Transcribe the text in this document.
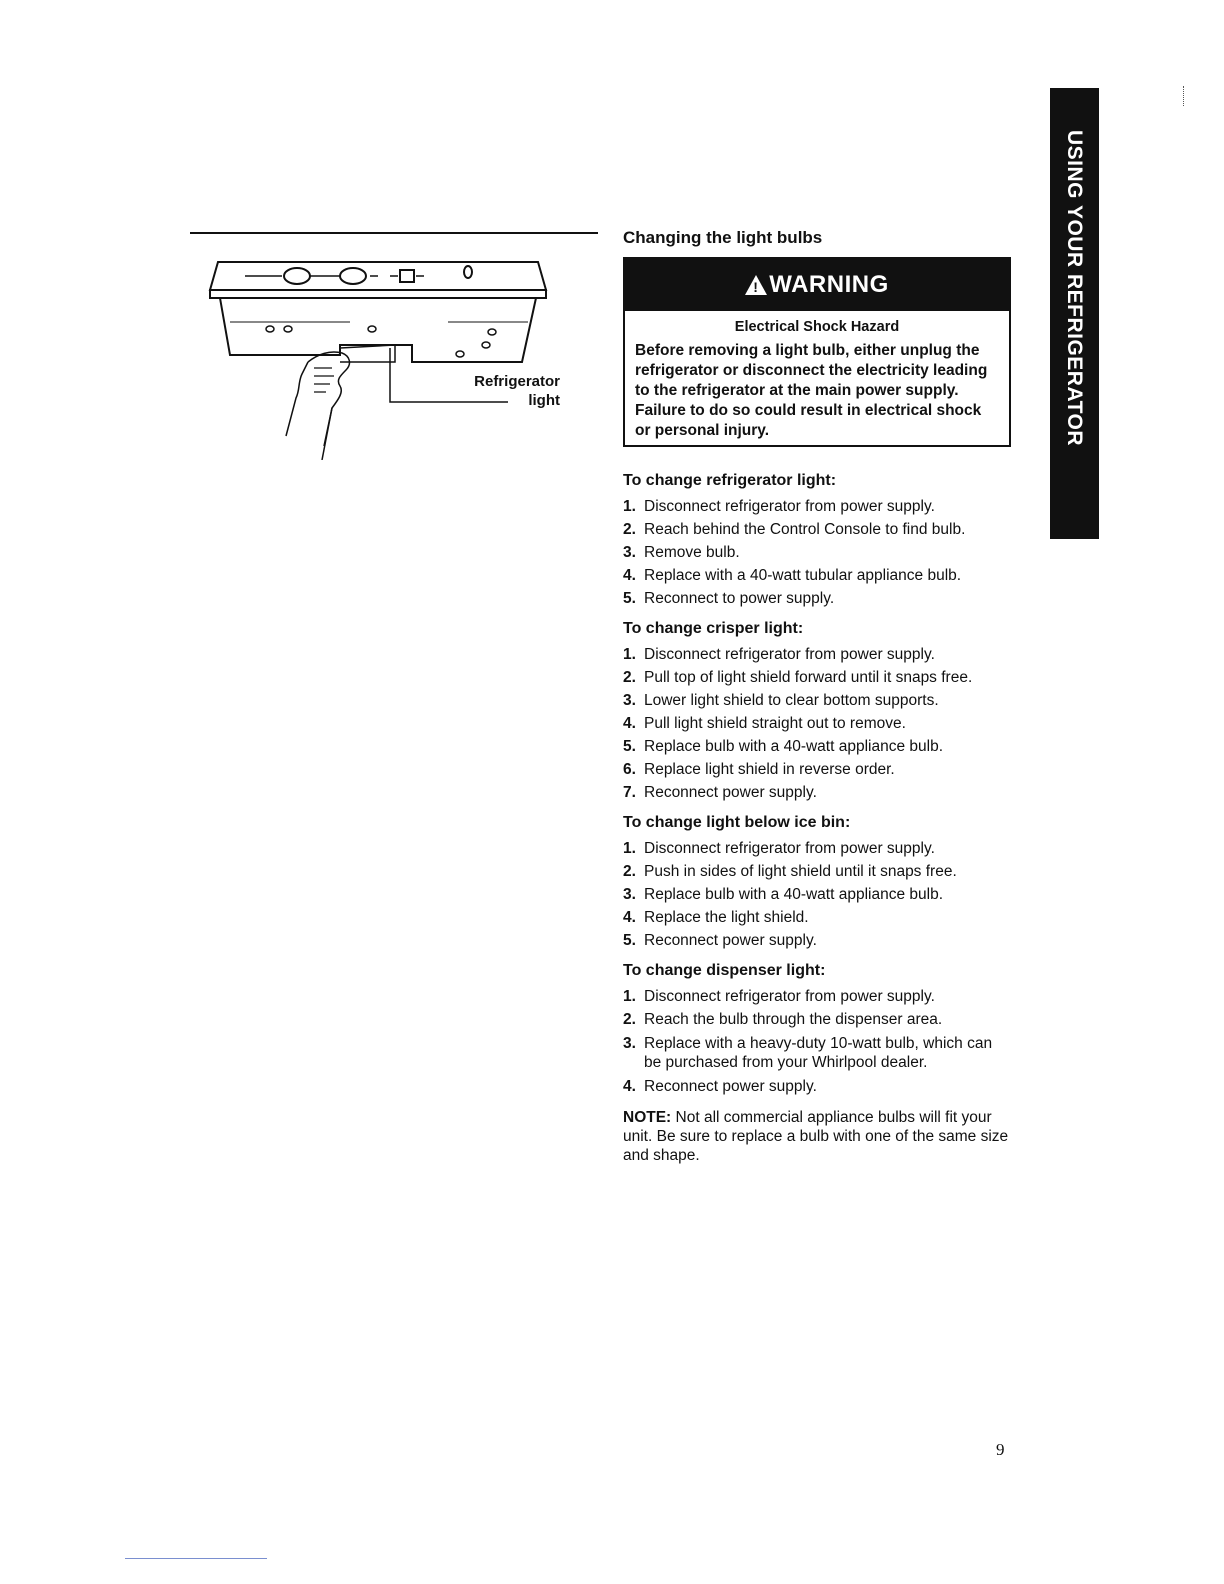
Refrigerator
light
Changing the light bulbs
!
WARNING
Electrical Shock Hazard
Before removing a light bulb, either unplug the refrigerator or disconnect the electricity leading to the refrigerator at the main power supply. Failure to do so could result in electrical shock or personal injury.
To change refrigerator light:
1. Disconnect refrigerator from power supply.
2. Reach behind the Control Console to find bulb.
3. Remove bulb.
4. Replace with a 40-watt tubular appliance bulb.
5. Reconnect to power supply.
To change crisper light:
1. Disconnect refrigerator from power supply.
2. Pull top of light shield forward until it snaps free.
3. Lower light shield to clear bottom supports.
4. Pull light shield straight out to remove.
5. Replace bulb with a 40-watt appliance bulb.
6. Replace light shield in reverse order.
7. Reconnect power supply.
To change light below ice bin:
1. Disconnect refrigerator from power supply.
2. Push in sides of light shield until it snaps free.
3. Replace bulb with a 40-watt appliance bulb.
4. Replace the light shield.
5. Reconnect power supply.
To change dispenser light:
1. Disconnect refrigerator from power supply.
2. Reach the bulb through the dispenser area.
3. Replace with a heavy-duty 10-watt bulb, which can be purchased from your Whirlpool dealer.
4. Reconnect power supply.
NOTE: Not all commercial appliance bulbs will fit your unit. Be sure to replace a bulb with one of the same size and shape.
USING YOUR REFRIGERATOR
9
